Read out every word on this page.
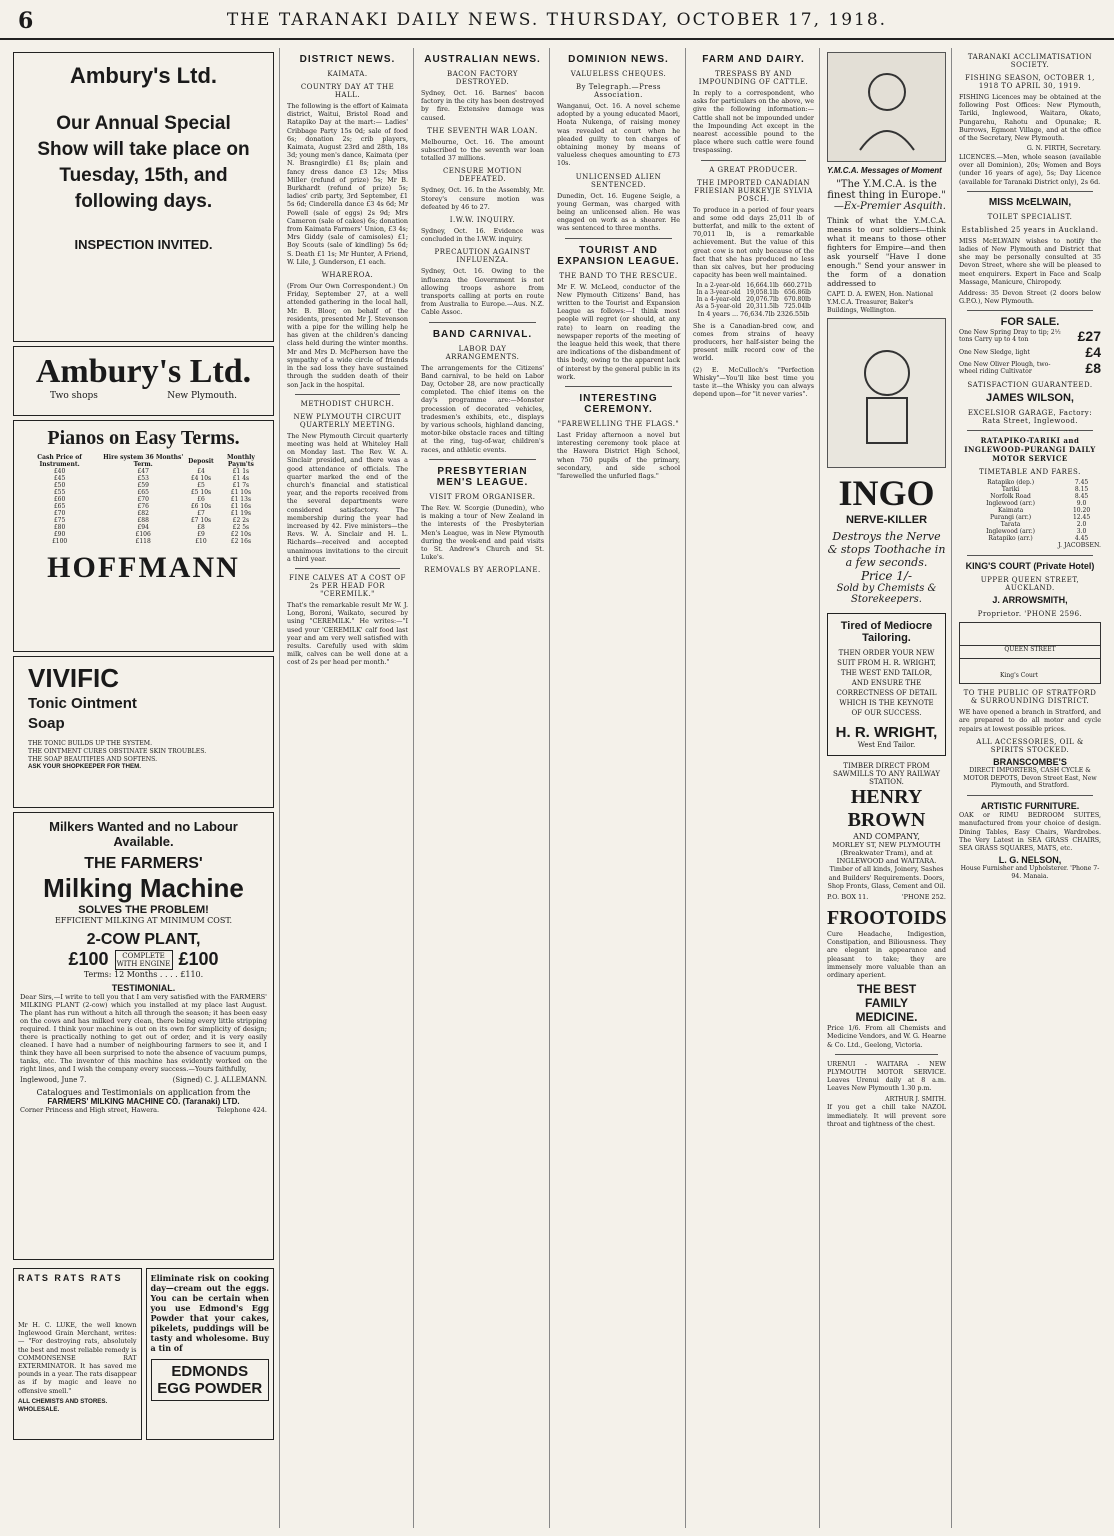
6	THE TARANAKI DAILY NEWS. THURSDAY, OCTOBER 17, 1918.
Ambury's Ltd.
Our Annual Special Show will take place on Tuesday, 15th, and following days.
INSPECTION INVITED.
Ambury's Ltd.
Two shops	New Plymouth.
Pianos on Easy Terms.
Cash Price of Instrument.	Hire system 36 Months' Term.	Deposit	Monthly Paym'ts
£40	£47	£4	£1 1s
£45	£53	£4 10s	£1 4s
£50	£59	£5	£1 7s
£55	£65	£5 10s	£1 10s
£60	£70	£6	£1 13s
£65	£76	£6 10s	£1 16s
£70	£82	£7	£1 19s
£75	£88	£7 10s	£2 2s
£80	£94	£8	£2 5s
£90	£106	£9	£2 10s
£100	£118	£10	£2 16s
HOFFMANN
VIVIFIC
Tonic Ointment Soap
THE TONIC BUILDS UP THE SYSTEM.
THE OINTMENT CURES OBSTINATE SKIN TROUBLES.
THE SOAP BEAUTIFIES AND SOFTENS.
ASK YOUR SHOPKEEPER FOR THEM.
Milkers Wanted and no Labour Available.
THE FARMERS'
Milking Machine
SOLVES THE PROBLEM!
EFFICIENT MILKING AT MINIMUM COST.
2-COW PLANT,
£100	COMPLETE WITH ENGINE £100
Terms: 12 Months . . . . £110.
TESTIMONIAL.
Dear Sirs,—I write to tell you that I am very satisfied with the FARMERS' MILKING PLANT (2-cow) which you installed at my place last August. The plant has run without a hitch all through the season; it has been easy on the cows and has milked very clean, there being every little stripping required. I think your machine is out on its own for simplicity of design; there is practically nothing to get out of order, and it is very easily cleaned. I have had a number of neighbouring farmers to see it, and I think they have all been surprised to note the absence of vacuum pumps, tanks, etc. The inventor of this machine has evidently worked on the right lines, and I wish the company every success.—Yours faithfully,
Inglewood, June 7.	(Signed) C. J. ALLEMANN.
Catalogues and Testimonials on application from the
FARMERS' MILKING MACHINE CO. (Taranaki) LTD.
Corner Princess and High street, Hawera.	Telephone 424.
RATS RATS RATS
Mr H. C. LUKE, the well known Inglewood Grain Merchant, writes:— "For destroying rats, absolutely the best and most reliable remedy is COMMONSENSE RAT EXTERMINATOR. It has saved me pounds in a year. The rats disappear as if by magic and leave no offensive smell."
ALL CHEMISTS AND STORES. WHOLESALE.
Eliminate risk on cooking day—cream out the eggs. You can be certain when you use Edmond's Egg Powder that your cakes, pikelets, puddings will be tasty and wholesome. Buy a tin of
EDMONDS EGG POWDER
DISTRICT NEWS.
KAIMATA.
COUNTRY DAY AT THE HALL.
The following is the effort of Kaimata district, Waitui, Bristol Road and Ratapiko Day at the mart:— Ladies' Cribbage Party 15s 0d; sale of food 6s; donation 2s; crib players, Kaimata, August 23rd and 28th, 18s 3d; young men's dance, Kaimata (per N. Brasngirdle) £1 8s; plain and fancy dress dance £3 12s; Miss Miller (refund of prize) 5s; Mr B. Burkhardt (refund of prize) 5s; ladies' crib party, 3rd September, £1 5s 6d; Cinderella dance £3 4s 6d; Mr Powell (sale of eggs) 2s 9d; Mrs Cameron (sale of cakes) 6s; donation from Kaimata Farmers' Union, £3 4s; Mrs Giddy (sale of camisoles) £1; Boy Scouts (sale of kindling) 5s 6d; S. Death £1 1s; Mr Hunter, A Friend, W. Lile, J. Gunderson, £1 each.
WHAREROA.
(From Our Own Correspondent.) On Friday, September 27, at a well attended gathering in the local hall, Mr. B. Bloor, on behalf of the residents, presented Mr J. Stevenson with a pipe for the willing help he has given at the children's dancing class held during the winter months. Mr and Mrs D. McPherson have the sympathy of a wide circle of friends in the sad loss they have sustained through the sudden death of their son Jack in the hospital.
METHODIST CHURCH.
NEW PLYMOUTH CIRCUIT QUARTERLY MEETING.
The New Plymouth Circuit quarterly meeting was held at Whiteley Hall on Monday last. The Rev. W. A. Sinclair presided, and there was a good attendance of officials. The quarter marked the end of the church's financial and statistical year, and the reports received from the several departments were considered satisfactory. The membership during the year had increased by 42. Five ministers—the Revs. W. A. Sinclair and H. L. Richards—received and accepted unanimous invitations to the circuit a third year.
FINE CALVES AT A COST OF 2s PER HEAD FOR "CEREMILK."
That's the remarkable result Mr W. J. Long, Boroni, Waikato, secured by using "CEREMILK." He writes:—"I used your 'CEREMILK' calf food last year and am very well satisfied with results. Carefully used with skim milk, calves can be well done at a cost of 2s per head per month."
AUSTRALIAN NEWS.
BACON FACTORY DESTROYED.
Sydney, Oct. 16. Barnes' bacon factory in the city has been destroyed by fire. Extensive damage was caused.
THE SEVENTH WAR LOAN.
Melbourne, Oct. 16. The amount subscribed to the seventh war loan totalled 37 millions.
CENSURE MOTION DEFEATED.
Sydney, Oct. 16. In the Assembly, Mr. Storey's censure motion was defeated by 46 to 27.
I.W.W. INQUIRY.
Sydney, Oct. 16. Evidence was concluded in the I.W.W. inquiry.
PRECAUTION AGAINST INFLUENZA.
Sydney, Oct. 16. Owing to the influenza the Government is not allowing troops ashore from transports calling at ports en route from Australia to Europe.—Aus. N.Z. Cable Assoc.
BAND CARNIVAL.
LABOR DAY ARRANGEMENTS.
The arrangements for the Citizens' Band carnival, to be held on Labor Day, October 28, are now practically completed. The chief items on the day's programme are:—Monster procession of decorated vehicles, tradesmen's exhibits, etc., displays by various schools, highland dancing, motor-bike obstacle races and tilting at the ring, tug-of-war, children's races, and athletic events.
PRESBYTERIAN MEN'S LEAGUE.
VISIT FROM ORGANISER.
The Rev. W. Scorgie (Dunedin), who is making a tour of New Zealand in the interests of the Presbyterian Men's League, was in New Plymouth during the week-end and paid visits to St. Andrew's Church and St. Luke's.
REMOVALS BY AEROPLANE.
DOMINION NEWS.
VALUELESS CHEQUES.
By Telegraph.—Press Association.
Wanganui, Oct. 16. A novel scheme adopted by a young educated Maori, Hoata Nukenga, of raising money was revealed at court when he pleaded guilty to ten charges of obtaining money by means of valueless cheques amounting to £73 10s.
UNLICENSED ALIEN SENTENCED.
Dunedin, Oct. 16. Eugene Seigle, a young German, was charged with being an unlicensed alien. He was engaged on work as a shearer. He was sentenced to three months.
TOURIST AND EXPANSION LEAGUE.
THE BAND TO THE RESCUE.
Mr F. W. McLeod, conductor of the New Plymouth Citizens' Band, has written to the Tourist and Expansion League as follows:—I think most people will regret (or should, at any rate) to learn on reading the newspaper reports of the meeting of the league held this week, that there are indications of the disbandment of this body, owing to the apparent lack of interest by the general public in its work.
INTERESTING CEREMONY.
"FAREWELLING THE FLAGS."
Last Friday afternoon a novel but interesting ceremony took place at the Hawera District High School, when 750 pupils of the primary, secondary, and side school "farewelled the unfurled flags."
FARM AND DAIRY.
TRESPASS BY AND IMPOUNDING OF CATTLE.
In reply to a correspondent, who asks for particulars on the above, we give the following information:— Cattle shall not be impounded under the Impounding Act except in the nearest accessible pound to the place where such cattle were found trespassing.
A GREAT PRODUCER.
THE IMPORTED CANADIAN FRIESIAN BURKEYJE SYLVIA POSCH.
To produce in a period of four years and some odd days 25,011 lb of butterfat, and milk to the extent of 70,011 lb, is a remarkable achievement. But the value of this great cow is not only because of the fact that she has produced no less than six calves, but her producing capacity has been well maintained.
In a 2-year-old	16,664.1lb	660.271b
In a 3-year-old	19,058.1lb	656.86lb
In a 4-year-old	20,076.7lb	670.80lb
As a 5-year-old	20,311.5lb	725.04lb
In 4 years ... 76,634.7lb 2326.55lb
She is a Canadian-bred cow, and comes from strains of heavy producers, her half-sister being the present milk record cow of the world.
(2) E. McCulloch's "Perfection Whisky"—You'll like best time you taste it—the Whisky you can always depend upon—for "it never varies".
Y.M.C.A. Messages of Moment
"The Y.M.C.A. is the finest thing in Europe."
—Ex-Premier Asquith.
Think of what the Y.M.C.A. means to our soldiers—think what it means to those other fighters for Empire—and then ask yourself "Have I done enough." Send your answer in the form of a donation addressed to
CAPT. D. A. EWEN, Hon. National Y.M.C.A. Treasurer, Baker's Buildings, Wellington.
INGO
NERVE-KILLER
Destroys the Nerve & stops Toothache in a few seconds.
Price 1/-
Sold by Chemists & Storekeepers.
Tired of Mediocre Tailoring.
THEN ORDER YOUR NEW SUIT FROM H. R. WRIGHT, THE WEST END TAILOR, AND ENSURE THE CORRECTNESS OF DETAIL WHICH IS THE KEYNOTE OF OUR SUCCESS.
H. R. WRIGHT,
West End Tailor.
TIMBER DIRECT FROM SAWMILLS TO ANY RAILWAY STATION.
HENRY BROWN
AND COMPANY,
MORLEY ST, NEW PLYMOUTH (Breakwater Tram), and at INGLEWOOD and WAITARA.
Timber of all kinds, Joinery, Sashes and Builders' Requirements. Doors, Shop Fronts, Glass, Cement and Oil.
P.O. BOX 11.	'PHONE 252.
FROOTOIDS
Cure Headache, Indigestion, Constipation, and Biliousness. They are elegant in appearance and pleasant to take; they are immensely more valuable than an ordinary aperient.
THE BEST
FAMILY
MEDICINE.
Price 1/6. From all Chemists and Medicine Vendors, and W. G. Hearne & Co. Ltd., Geelong, Victoria.
URENUI - WAITARA - NEW PLYMOUTH MOTOR SERVICE. Leaves Urenui daily at 8 a.m. Leaves New Plymouth 1.30 p.m.
ARTHUR J. SMITH.
If you get a chill take NAZOL immediately. It will prevent sore throat and tightness of the chest.
TARANAKI ACCLIMATISATION SOCIETY.
FISHING SEASON, OCTOBER 1, 1918 TO APRIL 30, 1919.
FISHING Licences may be obtained at the following Post Offices: New Plymouth, Tariki, Inglewood, Waitara, Okato, Pungarehu, Rahotu and Opunake; R. Burrows, Egmont Village, and at the office of the Secretary, New Plymouth.
G. N. FIRTH, Secretary.
LICENCES.—Men, whole season (available over all Dominion), 20s; Women and Boys (under 16 years of age), 5s; Day Licence (available for Taranaki District only), 2s 6d.
MISS McELWAIN,
TOILET SPECIALIST.
Established 25 years in Auckland.
MISS McELWAIN wishes to notify the ladies of New Plymouth and District that she may be personally consulted at 35 Devon Street, where she will be pleased to meet enquirers. Expert in Face and Scalp Massage, Manicure, Chiropody.
Address: 35 Devon Street (2 doors below G.P.O.), New Plymouth.
FOR SALE.
One New Spring Dray to tip; 2½ tons Carry up to 4 ton	£27
One New Sledge, light	£4
One New Oliver Plough, two-wheel riding Cultivator	£8
SATISFACTION GUARANTEED.
JAMES WILSON,
EXCELSIOR GARAGE, Factory: Rata Street, Inglewood.
RATAPIKO-TARIKI and INGLEWOOD-PURANGI DAILY MOTOR SERVICE
TIMETABLE AND FARES.
Ratapiko (dep.)	7.45
Tariki	8.15
Norfolk Road	8.45
Inglewood (arr.)	9.0
Kaimata	10.20
Purangi (arr.)	12.45
Tarata	2.0
Inglewood (arr.)	3.0
Ratapiko (arr.)	4.45
J. JACOBSEN.
KING'S COURT (Private Hotel)
UPPER QUEEN STREET, AUCKLAND.
J. ARROWSMITH,
Proprietor. 'PHONE 2596.
QUEEN STREET
King's Court
TO THE PUBLIC OF STRATFORD & SURROUNDING DISTRICT.
WE have opened a branch in Stratford, and are prepared to do all motor and cycle repairs at lowest possible prices.
ALL ACCESSORIES, OIL & SPIRITS STOCKED.
BRANSCOMBE'S
DIRECT IMPORTERS, CASH CYCLE & MOTOR DEPOTS, Devon Street East, New Plymouth, and Stratford.
ARTISTIC FURNITURE.
OAK or RIMU BEDROOM SUITES, manufactured from your choice of design. Dining Tables, Easy Chairs, Wardrobes. The Very Latest in SEA GRASS CHAIRS, SEA GRASS SQUARES, MATS, etc.
L. G. NELSON,
House Furnisher and Upholsterer. 'Phone 7-94. Manaia.
